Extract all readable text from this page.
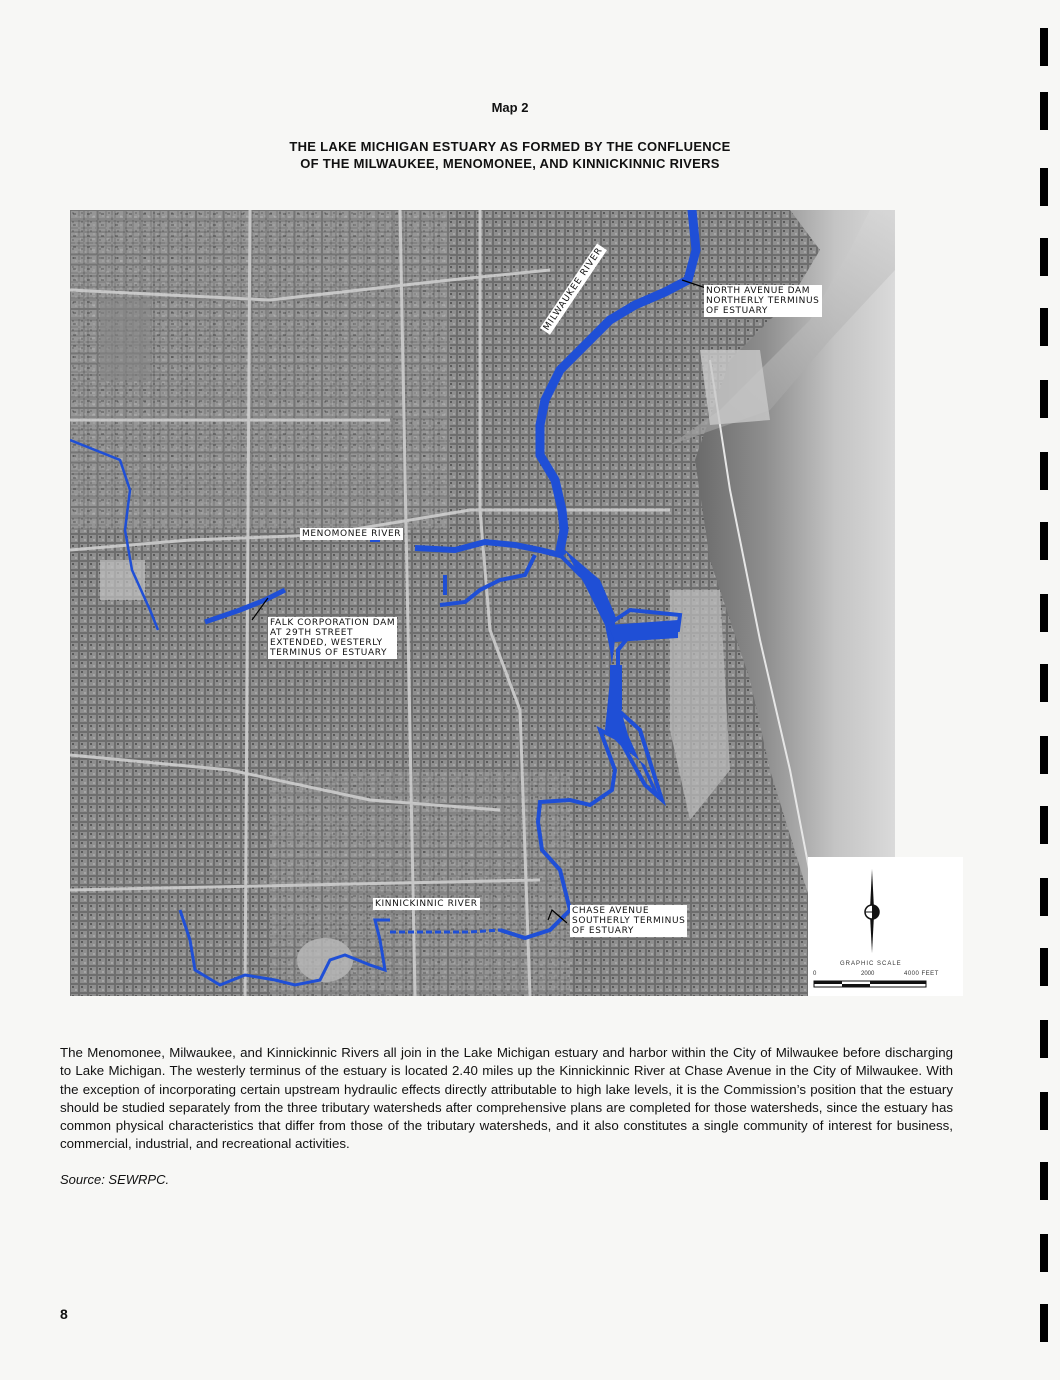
Map 2
THE LAKE MICHIGAN ESTUARY AS FORMED BY THE CONFLUENCE
OF THE MILWAUKEE, MENOMONEE, AND KINNICKINNIC RIVERS
MILWAUKEE RIVER	NORTH AVENUE DAM
NORTHERLY TERMINUS
OF ESTUARY
MENOMONEE RIVER
FALK CORPORATION DAM
AT 29TH STREET
EXTENDED, WESTERLY
TERMINUS OF ESTUARY
KINNICKINNIC RIVER
CHASE AVENUE
SOUTHERLY TERMINUS
OF ESTUARY
GRAPHIC SCALE
0	2000	4000 FEET
The Menomonee, Milwaukee, and Kinnickinnic Rivers all join in the Lake Michigan estuary and harbor within the City of Milwaukee before discharging to Lake Michigan. The westerly terminus of the estuary is located 2.40 miles up the Kinnickinnic River at Chase Avenue in the City of Milwaukee. With the exception of incorporating certain upstream hydraulic effects directly attributable to high lake levels, it is the Commission’s position that the estuary should be studied separately from the three tributary watersheds after comprehensive plans are completed for those watersheds, since the estuary has common physical characteristics that differ from those of the tributary watersheds, and it also constitutes a single community of interest for business, commercial, industrial, and recreational activities.
Source: SEWRPC.
8
